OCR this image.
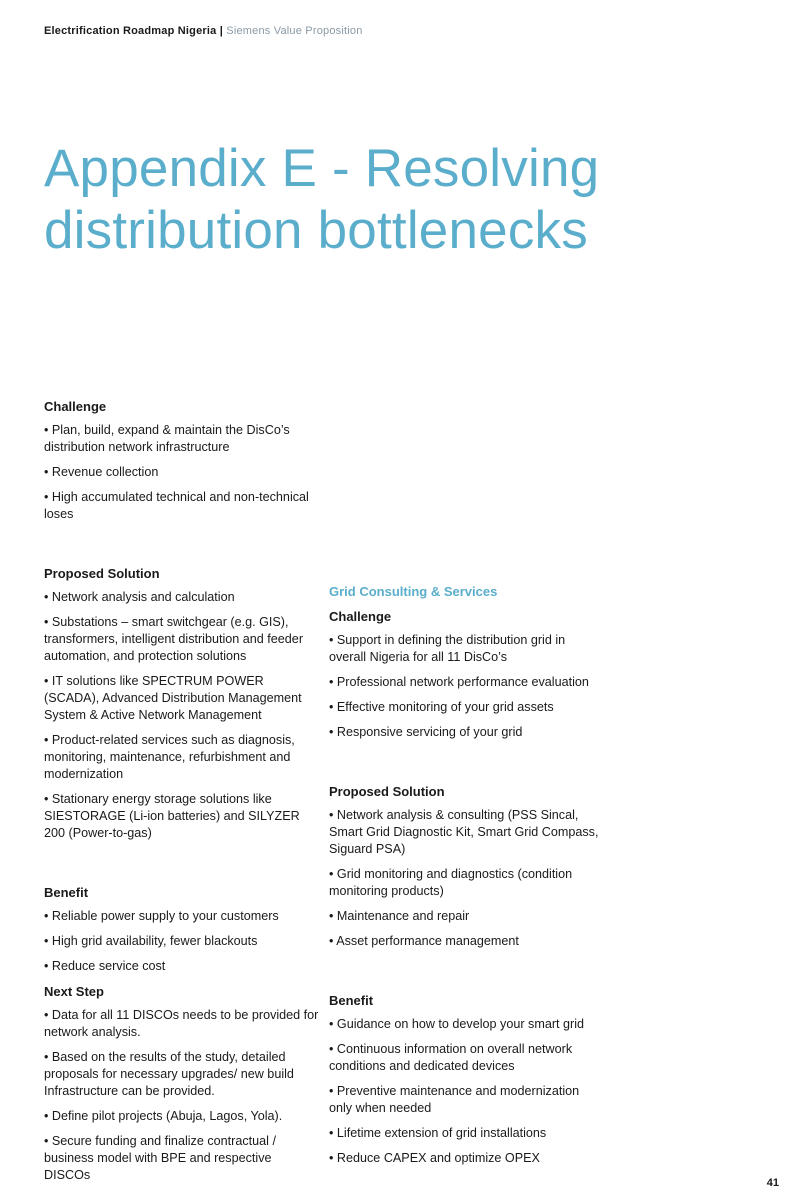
Electrification Roadmap Nigeria | Siemens Value Proposition
Appendix E - Resolving
distribution bottlenecks
Challenge
• Plan, build, expand & maintain the DisCo’s distribution network infrastructure
• Revenue collection
• High accumulated technical and non-technical loses
Proposed Solution
• Network analysis and calculation
• Substations – smart switchgear (e.g. GIS), transformers, intelligent distribution and feeder automation, and protection solutions
• IT solutions like SPECTRUM POWER (SCADA), Advanced Distribution Management System & Active Network Management
• Product-related services such as diagnosis, monitoring, maintenance, refurbishment and modernization
• Stationary energy storage solutions like SIESTORAGE (Li-ion batteries) and SILYZER 200 (Power-to-gas)
Benefit
• Reliable power supply to your customers
• High grid availability, fewer blackouts
• Reduce service cost
Next Step
• Data for all 11 DISCOs needs to be provided for network analysis.
• Based on the results of the study, detailed proposals for necessary upgrades/ new build Infrastructure can be provided.
• Define pilot projects (Abuja, Lagos, Yola).
• Secure funding and finalize contractual / business model with BPE and respective DISCOs
Grid Consulting & Services
Challenge
• Support in defining the distribution grid in overall Nigeria for all 11 DisCo’s
• Professional network performance evaluation
• Effective monitoring of your grid assets
• Responsive servicing of your grid
Proposed Solution
• Network analysis & consulting (PSS Sincal, Smart Grid Diagnostic Kit, Smart Grid Compass, Siguard PSA)
• Grid monitoring and diagnostics (condition monitoring products)
• Maintenance and repair
• Asset performance management
Benefit
• Guidance on how to develop your smart grid
• Continuous information on overall network conditions and dedicated devices
• Preventive maintenance and modernization only when needed
• Lifetime extension of grid installations
• Reduce CAPEX and optimize OPEX
41
